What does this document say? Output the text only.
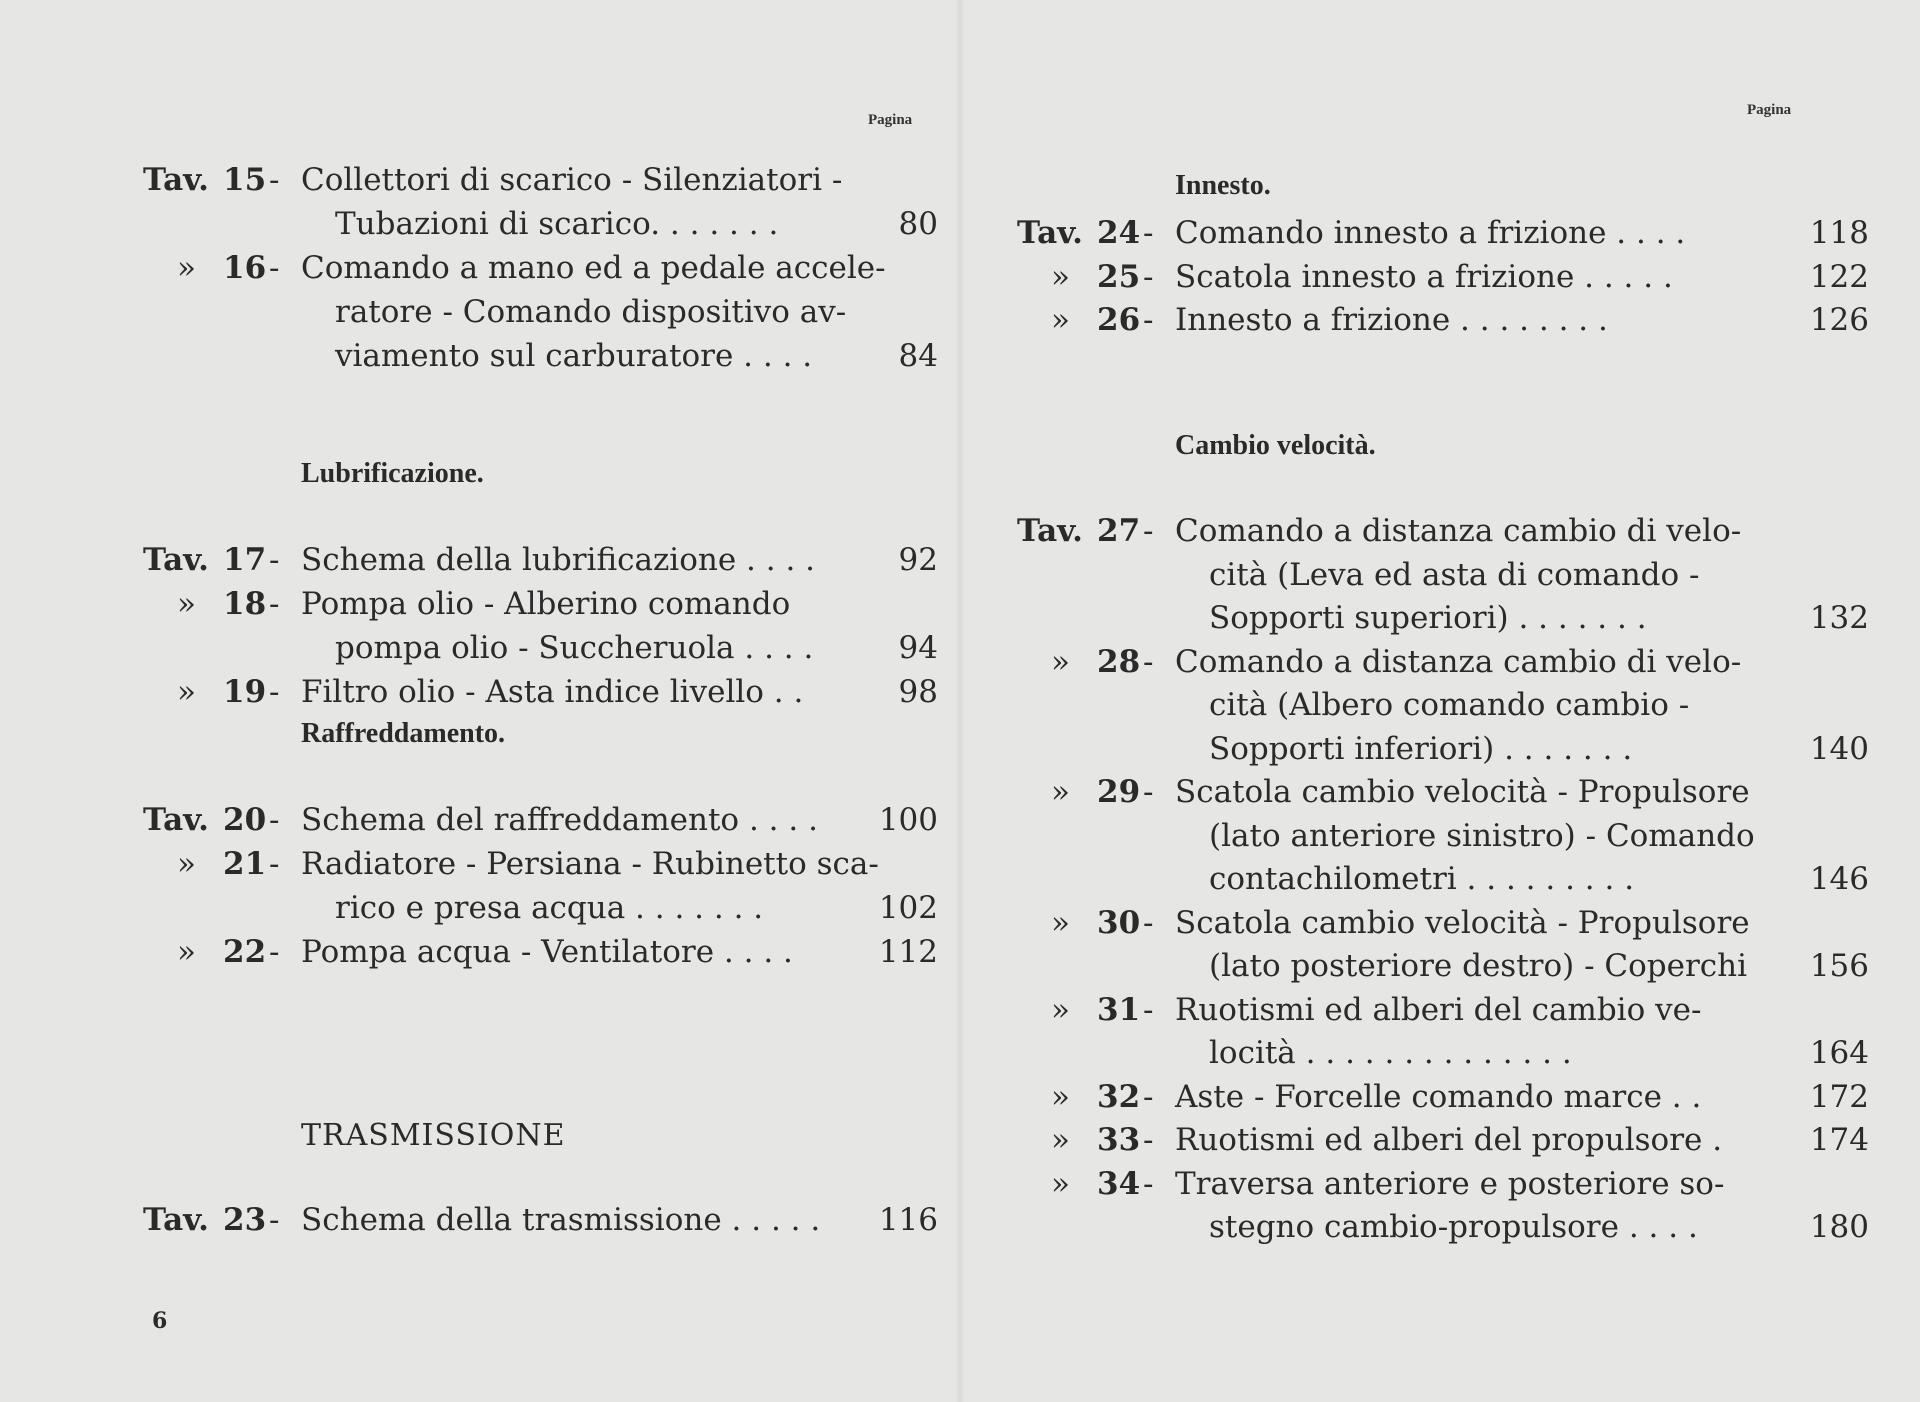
Pagina
Tav. 15 - Collettori di scarico - Silenziatori -
Tubazioni di scarico. . . . . . .	80
» 16 - Comando a mano ed a pedale accele-
ratore - Comando dispositivo av-
viamento sul carburatore . . . .	84
Lubrificazione.
Tav. 17 - Schema della lubrificazione . . . .	92
» 18 - Pompa olio - Alberino comando
pompa olio - Succheruola . . . .	94
» 19 - Filtro olio - Asta indice livello . .	98
Raffreddamento.
Tav. 20 - Schema del raffreddamento . . . .	100
» 21 - Radiatore - Persiana - Rubinetto sca-
rico e presa acqua . . . . . . .	102
» 22 - Pompa acqua - Ventilatore . . . .	112
TRASMISSIONE
Tav. 23 - Schema della trasmissione . . . . .	116
6
Pagina
Innesto.
Tav. 24 - Comando innesto a frizione . . . .	118
» 25 - Scatola innesto a frizione . . . . .	122
» 26 - Innesto a frizione . . . . . . . .	126
Cambio velocità.
Tav. 27 - Comando a distanza cambio di velo-
cità (Leva ed asta di comando -
Sopporti superiori) . . . . . . .	132
» 28 - Comando a distanza cambio di velo-
cità (Albero comando cambio -
Sopporti inferiori) . . . . . . .	140
» 29 - Scatola cambio velocità - Propulsore
(lato anteriore sinistro) - Comando
contachilometri . . . . . . . . .	146
» 30 - Scatola cambio velocità - Propulsore
(lato posteriore destro) - Coperchi	156
» 31 - Ruotismi ed alberi del cambio ve-
locità . . . . . . . . . . . . . .	164
» 32 - Aste - Forcelle comando marce . .	172
» 33 - Ruotismi ed alberi del propulsore .	174
» 34 - Traversa anteriore e posteriore so-
stegno cambio-propulsore . . . .	180
